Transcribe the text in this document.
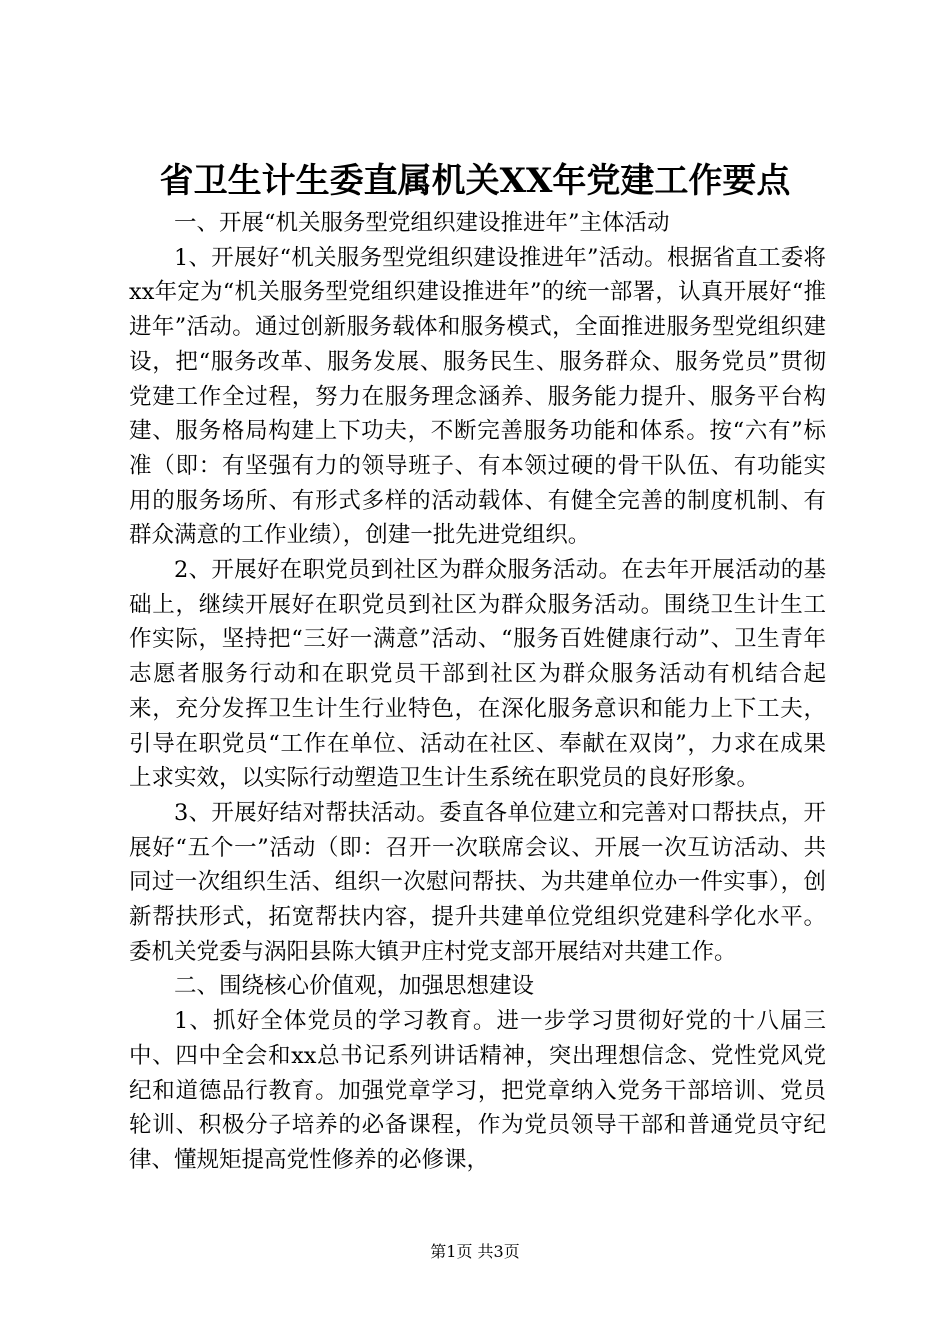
省卫生计生委直属机关XX年党建工作要点

一、开展“机关服务型党组织建设推进年”主体活动

1、开展好“机关服务型党组织建设推进年”活动。根据省直工委将xx年定为“机关服务型党组织建设推进年”的统一部署，认真开展好“推进年”活动。通过创新服务载体和服务模式，全面推进服务型党组织建设，把“服务改革、服务发展、服务民生、服务群众、服务党员”贯彻党建工作全过程，努力在服务理念涵养、服务能力提升、服务平台构建、服务格局构建上下功夫，不断完善服务功能和体系。按“六有”标准（即：有坚强有力的领导班子、有本领过硬的骨干队伍、有功能实用的服务场所、有形式多样的活动载体、有健全完善的制度机制、有群众满意的工作业绩），创建一批先进党组织。

2、开展好在职党员到社区为群众服务活动。在去年开展活动的基础上，继续开展好在职党员到社区为群众服务活动。围绕卫生计生工作实际，坚持把“三好一满意”活动、“服务百姓健康行动”、卫生青年志愿者服务行动和在职党员干部到社区为群众服务活动有机结合起来，充分发挥卫生计生行业特色，在深化服务意识和能力上下工夫，引导在职党员“工作在单位、活动在社区、奉献在双岗”，力求在成果上求实效，以实际行动塑造卫生计生系统在职党员的良好形象。

3、开展好结对帮扶活动。委直各单位建立和完善对口帮扶点，开展好“五个一”活动（即：召开一次联席会议、开展一次互访活动、共同过一次组织生活、组织一次慰问帮扶、为共建单位办一件实事），创新帮扶形式，拓宽帮扶内容，提升共建单位党组织党建科学化水平。委机关党委与涡阳县陈大镇尹庄村党支部开展结对共建工作。

二、围绕核心价值观，加强思想建设

1、抓好全体党员的学习教育。进一步学习贯彻好党的十八届三中、四中全会和xx总书记系列讲话精神，突出理想信念、党性党风党纪和道德品行教育。加强党章学习，把党章纳入党务干部培训、党员轮训、积极分子培养的必备课程，作为党员领导干部和普通党员守纪律、懂规矩提高党性修养的必修课，

第1页 共3页
